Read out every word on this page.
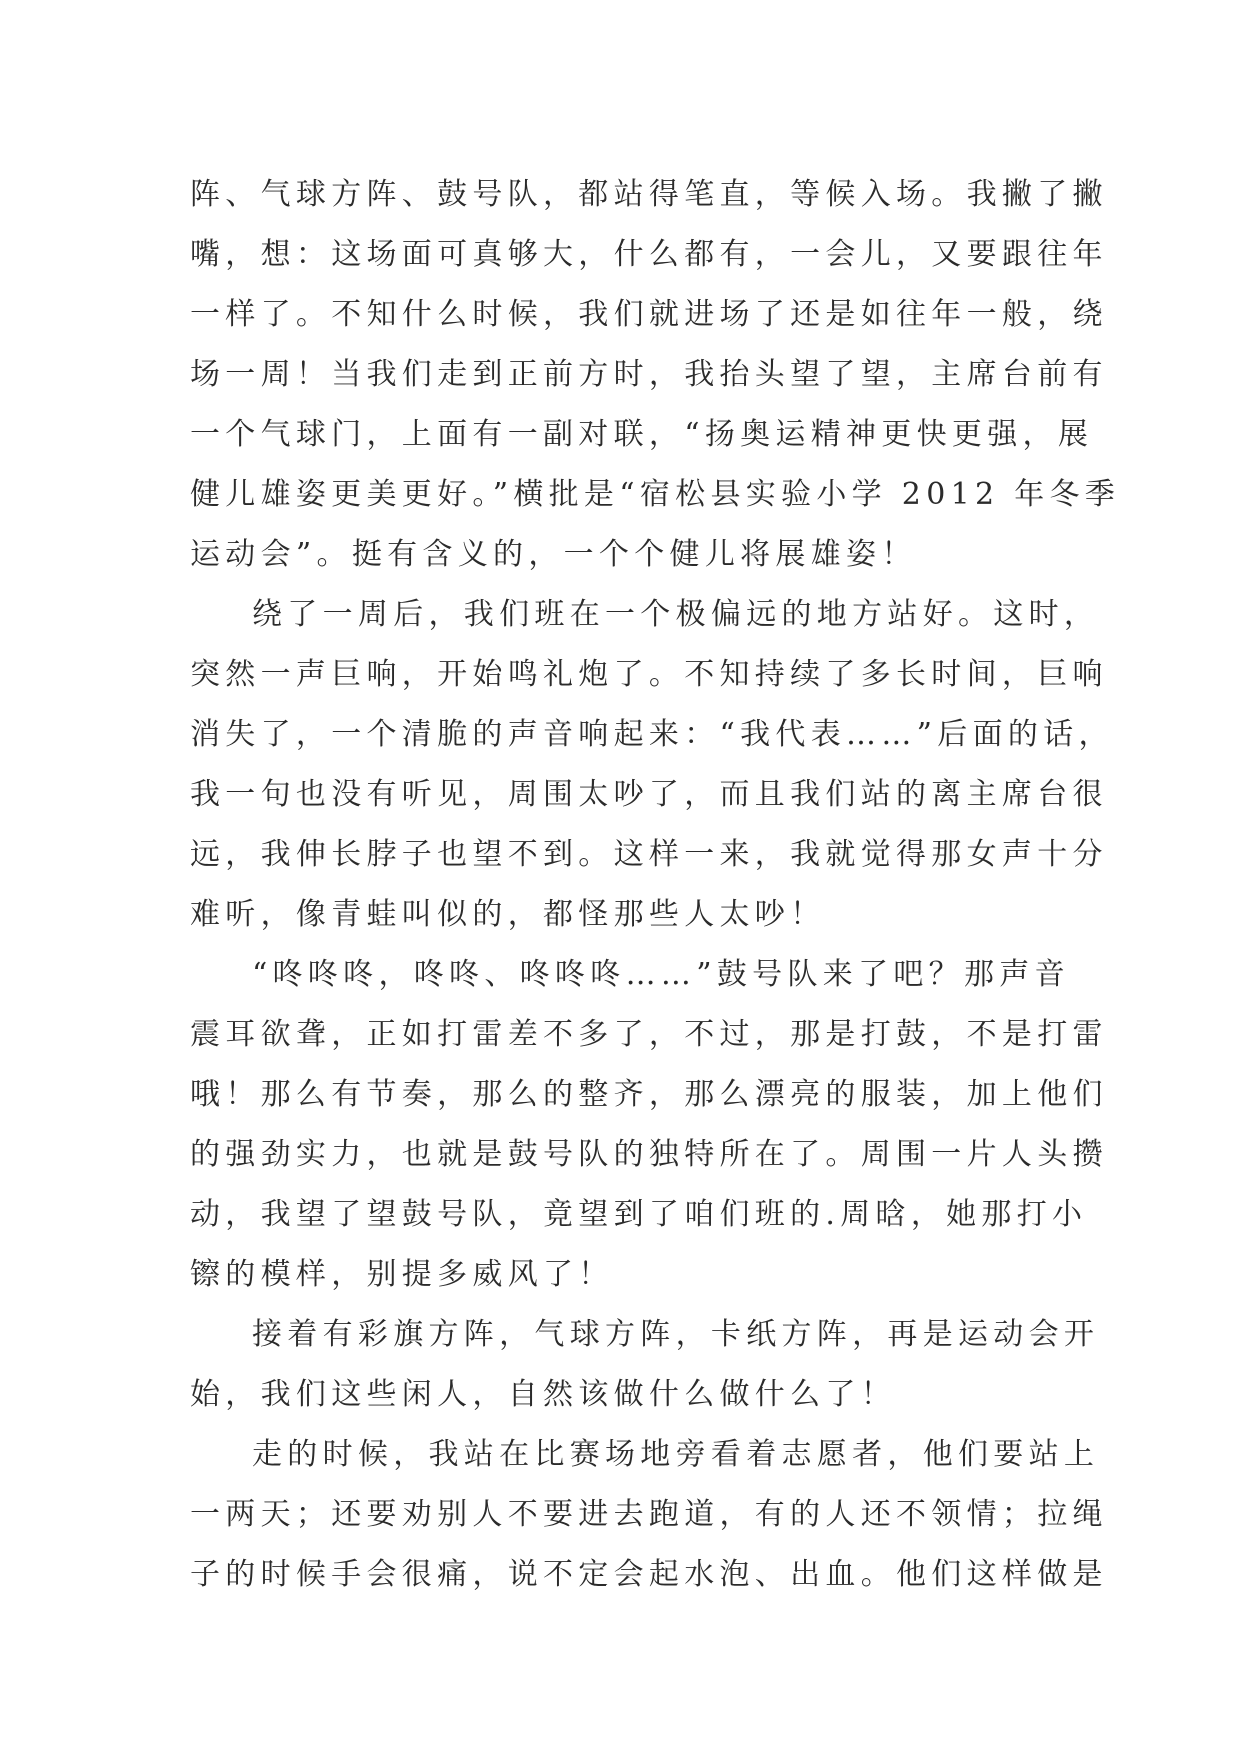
阵、气球方阵、鼓号队，都站得笔直，等候入场。我撇了撇
嘴，想：这场面可真够大，什么都有，一会儿，又要跟往年
一样了。不知什么时候，我们就进场了还是如往年一般，绕
场一周！当我们走到正前方时，我抬头望了望，主席台前有
一个气球门，上面有一副对联，“扬奥运精神更快更强，展
健儿雄姿更美更好。”横批是“宿松县实验小学 2012 年冬季
运动会”。挺有含义的，一个个健儿将展雄姿！
绕了一周后，我们班在一个极偏远的地方站好。这时，
突然一声巨响，开始鸣礼炮了。不知持续了多长时间，巨响
消失了，一个清脆的声音响起来：“我代表……”后面的话，
我一句也没有听见，周围太吵了，而且我们站的离主席台很
远，我伸长脖子也望不到。这样一来，我就觉得那女声十分
难听，像青蛙叫似的，都怪那些人太吵！
“咚咚咚，咚咚、咚咚咚……”鼓号队来了吧？那声音
震耳欲聋，正如打雷差不多了，不过，那是打鼓，不是打雷
哦！那么有节奏，那么的整齐，那么漂亮的服装，加上他们
的强劲实力，也就是鼓号队的独特所在了。周围一片人头攒
动，我望了望鼓号队，竟望到了咱们班的.周晗，她那打小
镲的模样，别提多威风了！
接着有彩旗方阵，气球方阵，卡纸方阵，再是运动会开
始，我们这些闲人，自然该做什么做什么了！
走的时候，我站在比赛场地旁看着志愿者，他们要站上
一两天；还要劝别人不要进去跑道，有的人还不领情；拉绳
子的时候手会很痛，说不定会起水泡、出血。他们这样做是
